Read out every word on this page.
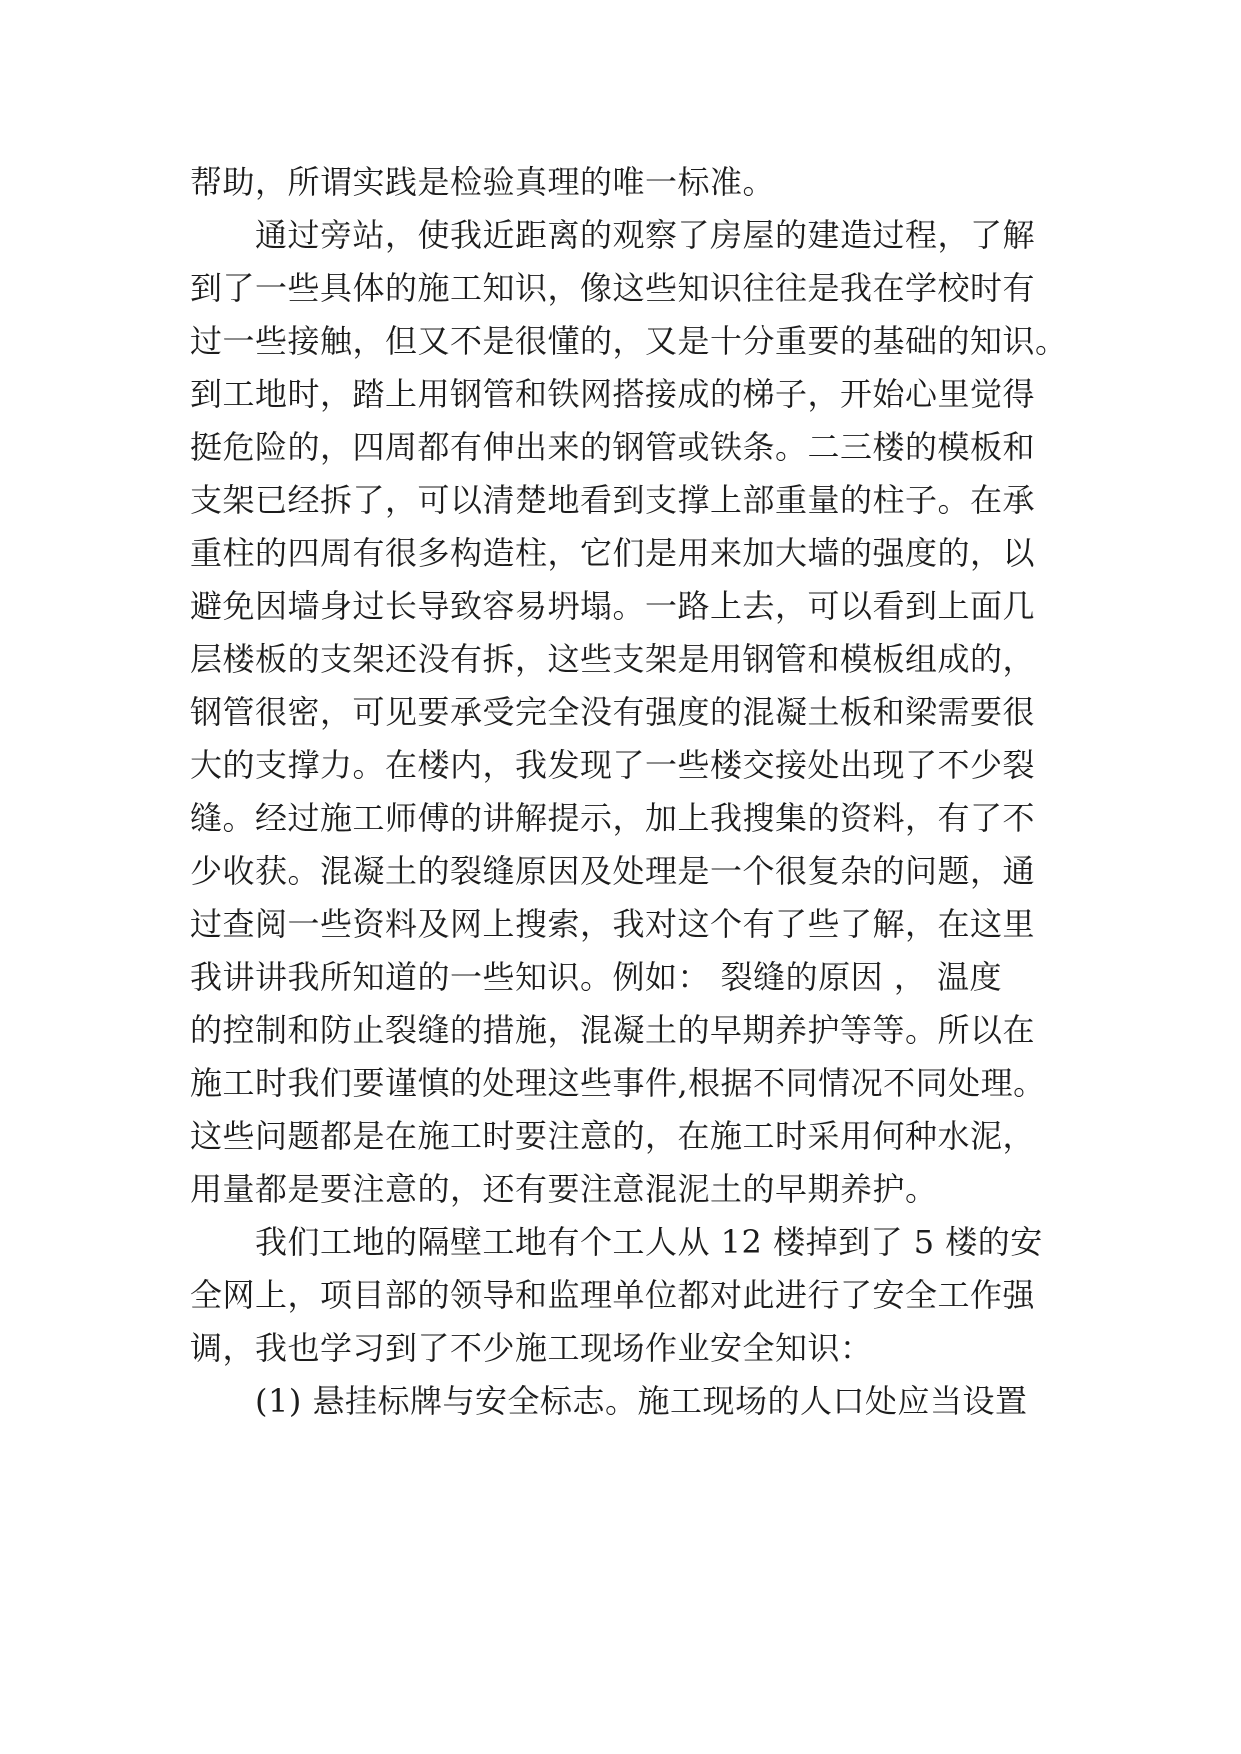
帮助，所谓实践是检验真理的唯一标准。
　　通过旁站，使我近距离的观察了房屋的建造过程，了解
到了一些具体的施工知识，像这些知识往往是我在学校时有
过一些接触，但又不是很懂的，又是十分重要的基础的知识。
到工地时，踏上用钢管和铁网搭接成的梯子，开始心里觉得
挺危险的，四周都有伸出来的钢管或铁条。二三楼的模板和
支架已经拆了，可以清楚地看到支撑上部重量的柱子。在承
重柱的四周有很多构造柱，它们是用来加大墙的强度的，以
避免因墙身过长导致容易坍塌。一路上去，可以看到上面几
层楼板的支架还没有拆，这些支架是用钢管和模板组成的，
钢管很密，可见要承受完全没有强度的混凝土板和梁需要很
大的支撑力。在楼内，我发现了一些楼交接处出现了不少裂
缝。经过施工师傅的讲解提示，加上我搜集的资料，有了不
少收获。混凝土的裂缝原因及处理是一个很复杂的问题，通
过查阅一些资料及网上搜索，我对这个有了些了解，在这里
我讲讲我所知道的一些知识。例如： 裂缝的原因 ， 温度
的控制和防止裂缝的措施，混凝土的早期养护等等。所以在
施工时我们要谨慎的处理这些事件,根据不同情况不同处理。
这些问题都是在施工时要注意的，在施工时采用何种水泥，
用量都是要注意的，还有要注意混泥土的早期养护。
　　我们工地的隔壁工地有个工人从 12 楼掉到了 5 楼的安
全网上，项目部的领导和监理单位都对此进行了安全工作强
调，我也学习到了不少施工现场作业安全知识：
　　(1) 悬挂标牌与安全标志。施工现场的人口处应当设置
